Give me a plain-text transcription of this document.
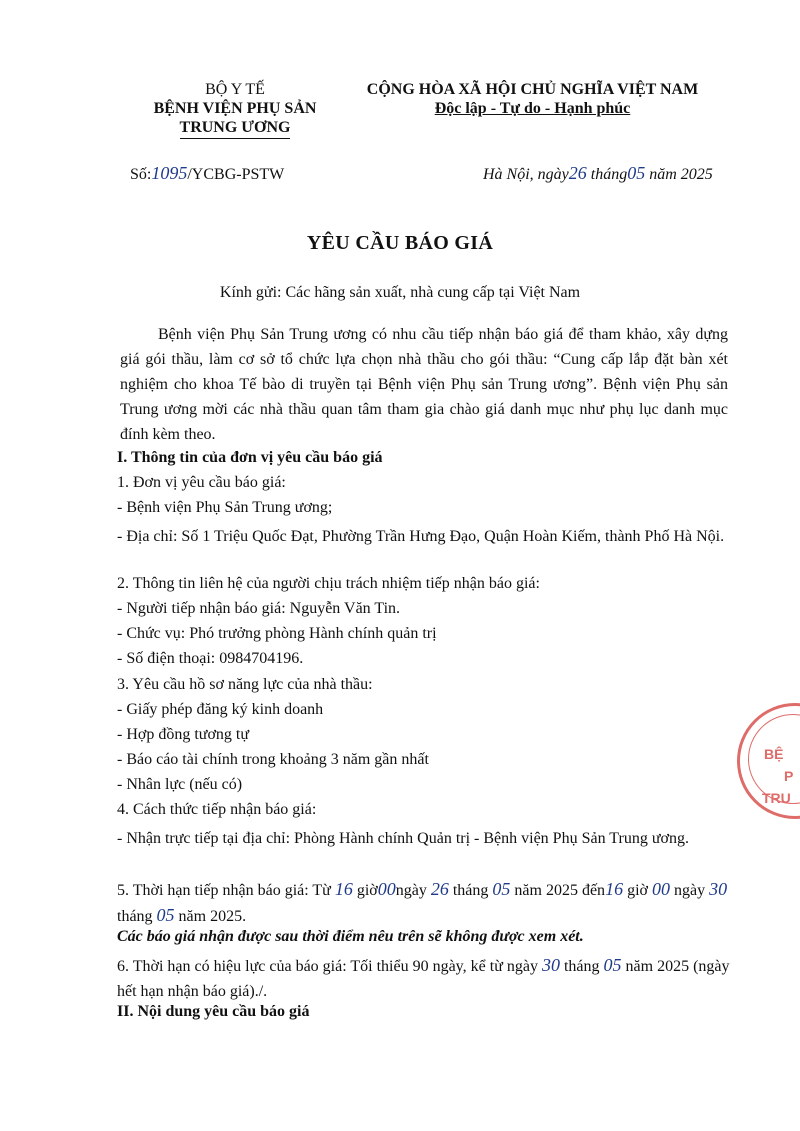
BỘ Y TẾ
BỆNH VIỆN PHỤ SẢN
TRUNG ƯƠNG
CỘNG HÒA XÃ HỘI CHỦ NGHĨA VIỆT NAM
Độc lập - Tự do - Hạnh phúc
Số:1095/YCBG-PSTW	Hà Nội, ngày26 tháng05 năm 2025
YÊU CẦU BÁO GIÁ
Kính gửi: Các hãng sản xuất, nhà cung cấp tại Việt Nam
Bệnh viện Phụ Sản Trung ương có nhu cầu tiếp nhận báo giá để tham khảo, xây dựng giá gói thầu, làm cơ sở tổ chức lựa chọn nhà thầu cho gói thầu: “Cung cấp lắp đặt bàn xét nghiệm cho khoa Tế bào di truyền tại Bệnh viện Phụ sản Trung ương”. Bệnh viện Phụ sản Trung ương mời các nhà thầu quan tâm tham gia chào giá danh mục như phụ lục danh mục đính kèm theo.
I. Thông tin của đơn vị yêu cầu báo giá
1. Đơn vị yêu cầu báo giá:
- Bệnh viện Phụ Sản Trung ương;
- Địa chỉ: Số 1 Triệu Quốc Đạt, Phường Trần Hưng Đạo, Quận Hoàn Kiếm, thành Phố Hà Nội.
2. Thông tin liên hệ của người chịu trách nhiệm tiếp nhận báo giá:
- Người tiếp nhận báo giá: Nguyễn Văn Tin.
- Chức vụ: Phó trưởng phòng Hành chính quản trị
- Số điện thoại: 0984704196.
3. Yêu cầu hồ sơ năng lực của nhà thầu:
- Giấy phép đăng ký kinh doanh
- Hợp đồng tương tự
- Báo cáo tài chính trong khoảng 3 năm gần nhất
- Nhân lực (nếu có)
4. Cách thức tiếp nhận báo giá:
- Nhận trực tiếp tại địa chỉ: Phòng Hành chính Quản trị - Bệnh viện Phụ Sản Trung ương.
5. Thời hạn tiếp nhận báo giá: Từ 16 giờ00ngày 26 tháng 05 năm 2025 đến16 giờ 00 ngày 30 tháng 05 năm 2025.
Các báo giá nhận được sau thời điểm nêu trên sẽ không được xem xét.
6. Thời hạn có hiệu lực của báo giá: Tối thiểu 90 ngày, kể từ ngày 30 tháng 05 năm 2025 (ngày hết hạn nhận báo giá)./.
II. Nội dung yêu cầu báo giá
BỆ
P
TRU
